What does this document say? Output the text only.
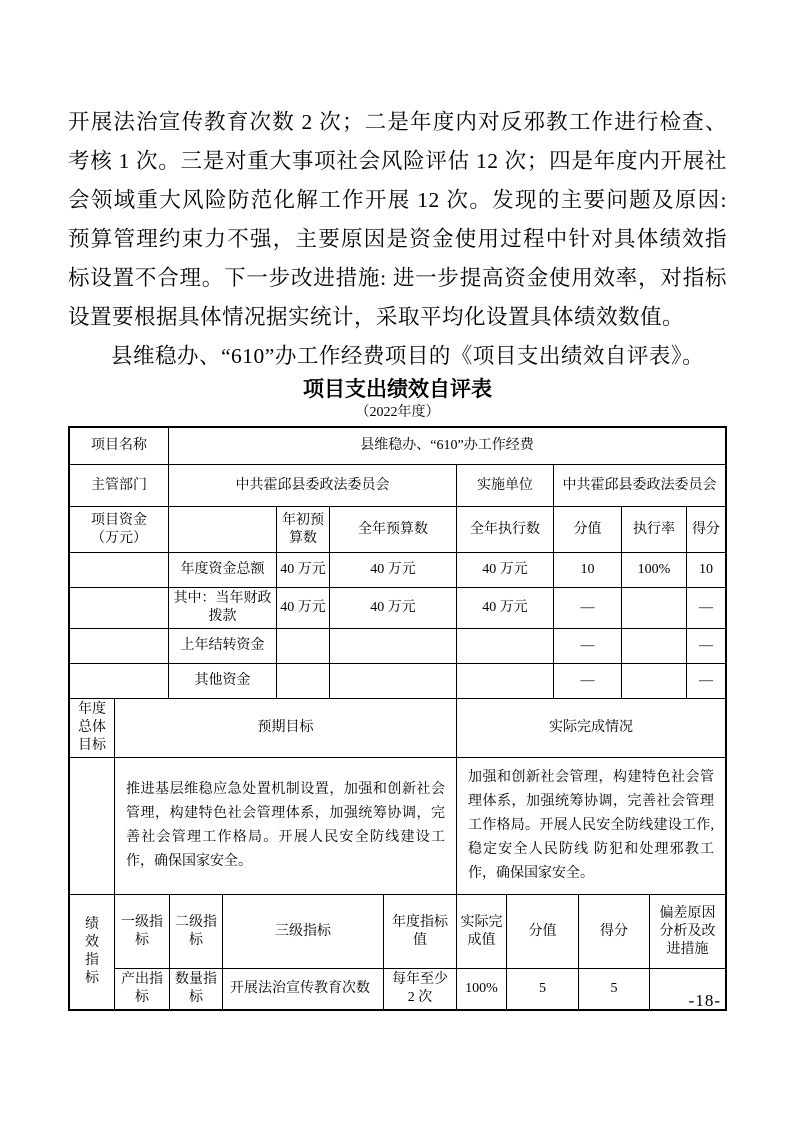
开展法治宣传教育次数 2 次；二是年度内对反邪教工作进行检查、考核 1 次。三是对重大事项社会风险评估 12 次；四是年度内开展社会领域重大风险防范化解工作开展 12 次。发现的主要问题及原因: 预算管理约束力不强，主要原因是资金使用过程中针对具体绩效指标设置不合理。下一步改进措施: 进一步提高资金使用效率，对指标设置要根据具体情况据实统计，采取平均化设置具体绩效数值。

县维稳办、“610”办工作经费项目的《项目支出绩效自评表》。

项目支出绩效自评表
（2022年度）
项目名称	县维稳办、“610”办工作经费		
主管部门	中共霍邱县委政法委员会	实施单位	中共霍邱县委政法委员会
项目资金
（万元）		年初预算数	全年预算数	全年执行数	分值	执行率	得分
	年度资金总额	40 万元	40 万元	40 万元	10	100%	10
	其中：当年财政拨款	40 万元	40 万元	40 万元	—		—
	上年结转资金				—		—
	其他资金				—		—
年度总体目标	预期目标	实际完成情况
	推进基层维稳应急处置机制设置，加强和创新社会管理，构建特色社会管理体系，加强统筹协调，完善社会管理工作格局。开展人民安全防线建设工作，确保国家安全。	加强和创新社会管理，构建特色社会管理体系，加强统筹协调，完善社会管理工作格局。开展人民安全防线建设工作,稳定安全人民防线 防犯和处理邪教工作，确保国家安全。
绩效指标	一级指标	二级指标	三级指标	年度指标值	实际完成值	分值	得分	偏差原因分析及改进措施
	产出指标	数量指标	开展法治宣传教育次数	每年至少 2 次	100%	5	5	
-18-
